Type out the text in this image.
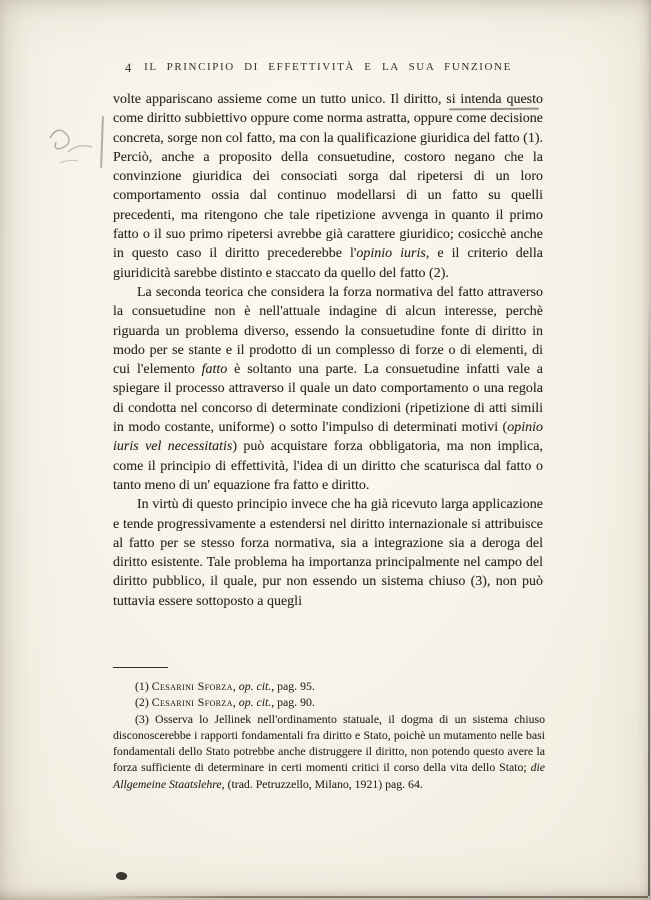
4 IL PRINCIPIO DI EFFETTIVITÀ E LA SUA FUNZIONE

volte appariscano assieme come un tutto unico. Il diritto, si intenda questo come diritto subbiettivo oppure come norma astratta, oppure come decisione concreta, sorge non col fatto, ma con la qualificazione giuridica del fatto (1). Perciò, anche a proposito della consuetudine, costoro negano che la convinzione giuridica dei consociati sorga dal ripetersi di un loro comportamento ossia dal continuo modellarsi di un fatto su quelli precedenti, ma ritengono che tale ripetizione avvenga in quanto il primo fatto o il suo primo ripetersi avrebbe già carattere giuridico; cosicchè anche in questo caso il diritto precederebbe l'opinio iuris, e il criterio della giuridicità sarebbe distinto e staccato da quello del fatto (2).

La seconda teorica che considera la forza normativa del fatto attraverso la consuetudine non è nell'attuale indagine di alcun interesse, perchè riguarda un problema diverso, essendo la consuetudine fonte di diritto in modo per se stante e il prodotto di un complesso di forze o di elementi, di cui l'elemento fatto è soltanto una parte. La consuetudine infatti vale a spiegare il processo attraverso il quale un dato comportamento o una regola di condotta nel concorso di determinate condizioni (ripetizione di atti simili in modo costante, uniforme) o sotto l'impulso di determinati motivi (opinio iuris vel necessitatis) può acquistare forza obbligatoria, ma non implica, come il principio di effettività, l'idea di un diritto che scaturisca dal fatto o tanto meno di un' equazione fra fatto e diritto.

In virtù di questo principio invece che ha già ricevuto larga applicazione e tende progressivamente a estendersi nel diritto internazionale si attribuisce al fatto per se stesso forza normativa, sia a integrazione sia a deroga del diritto esistente. Tale problema ha importanza principalmente nel campo del diritto pubblico, il quale, pur non essendo un sistema chiuso (3), non può tuttavia essere sottoposto a quegli

(1) Cesarini Sforza, op. cit., pag. 95.

(2) Cesarini Sforza, op. cit., pag. 90.

(3) Osserva lo Jellinek nell'ordinamento statuale, il dogma di un sistema chiuso disconoscerebbe i rapporti fondamentali fra diritto e Stato, poichè un mutamento nelle basi fondamentali dello Stato potrebbe anche distruggere il diritto, non potendo questo avere la forza sufficiente di determinare in certi momenti critici il corso della vita dello Stato; die Allgemeine Staatslehre, (trad. Petruzzello, Milano, 1921) pag. 64.
